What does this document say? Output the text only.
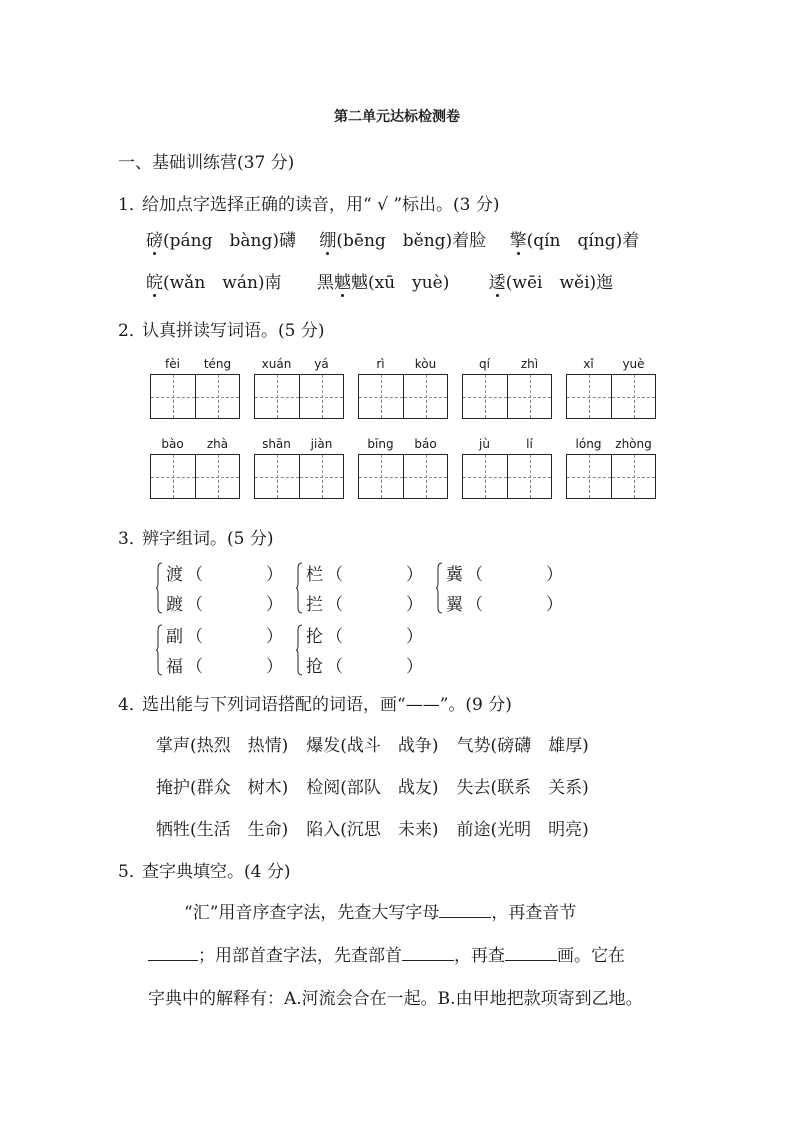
第二单元达标检测卷
一、基础训练营(37 分)
1．给加点字选择正确的读音，用“ √ ”标出。(3 分)
磅(páng　bàng)礴 绷(bēng　běng)着脸 擎(qín　qíng)着
皖(wǎn　wán)南 黑魆魆(xū　yuè) 逶(wēi　wěi)迤
2．认真拼读写词语。(5 分)
fèi	téng	xuán	yá	rì	kòu	qí	zhì	xǐ	yuè
bào	zhà	shān	jiàn	bīng	báo	jù	lí	lóng	zhòng
3．辨字组词。(5 分)
渡 （	）
踱 （	）
栏 （	）
拦 （	）
冀 （	）
翼 （	）
副 （	）
福 （	）
抡 （	）
抢 （	）
4．选出能与下列词语搭配的词语，画“——”。(9 分)
掌声(热烈　热情) 爆发(战斗　战争) 气势(磅礴　雄厚)
掩护(群众　树木) 检阅(部队　战友) 失去(联系　关系)
牺牲(生活　生命) 陷入(沉思　未来) 前途(光明　明亮)
5．查字典填空。(4 分)
“汇”用音序查字法，先查大写字母	，再查音节
；用部首查字法，先查部首	，再查	画。它在
字典中的解释有：A.河流会合在一起。B.由甲地把款项寄到乙地。
